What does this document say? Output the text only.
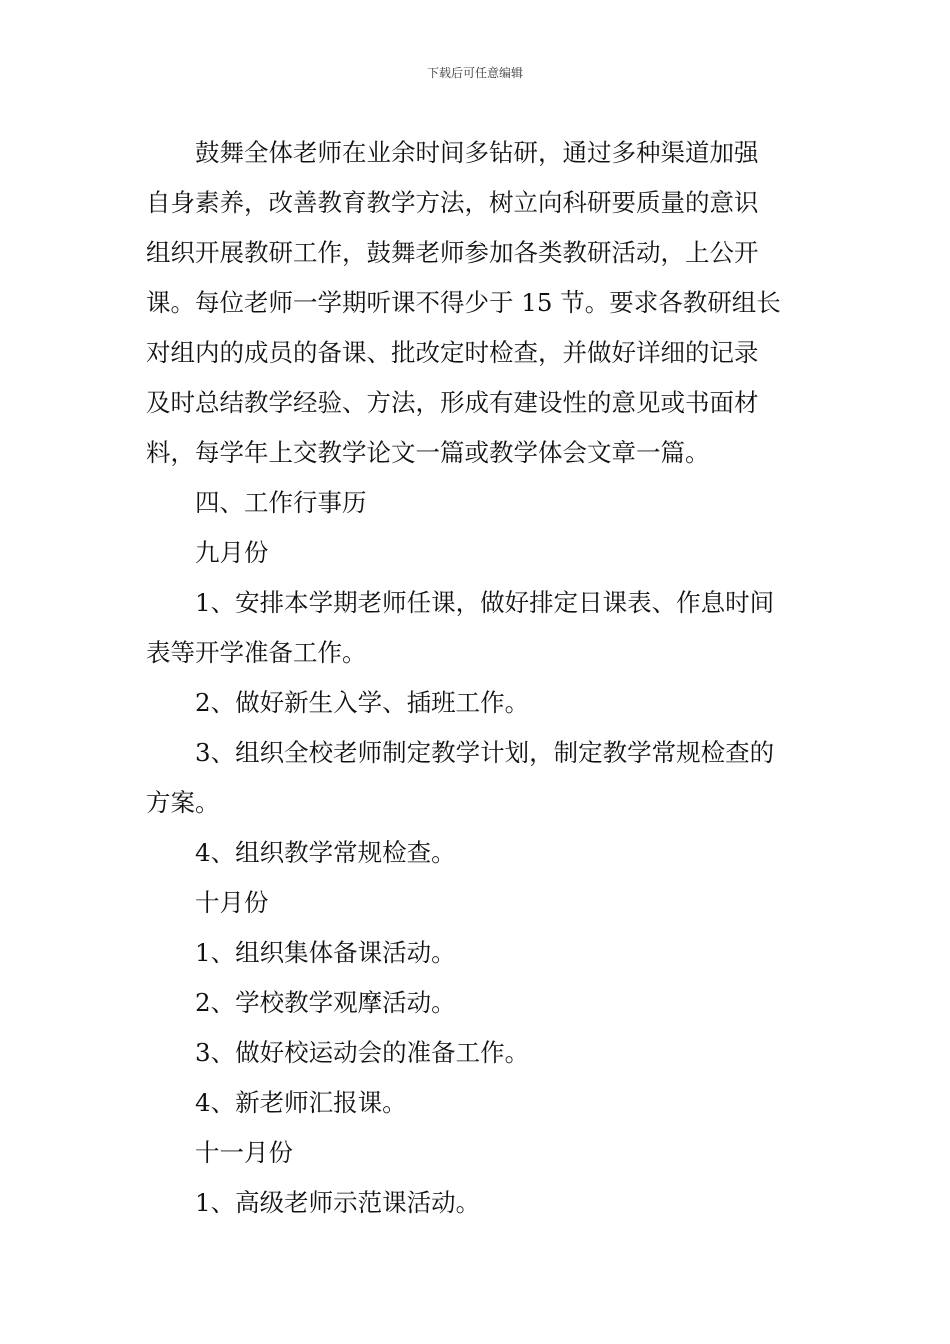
下载后可任意编辑
鼓舞全体老师在业余时间多钻研，通过多种渠道加强
自身素养，改善教育教学方法，树立向科研要质量的意识
组织开展教研工作，鼓舞老师参加各类教研活动，上公开
课。每位老师一学期听课不得少于 15 节。要求各教研组长
对组内的成员的备课、批改定时检查，并做好详细的记录
及时总结教学经验、方法，形成有建设性的意见或书面材
料，每学年上交教学论文一篇或教学体会文章一篇。
四、工作行事历
九月份
1、安排本学期老师任课，做好排定日课表、作息时间
表等开学准备工作。
2、做好新生入学、插班工作。
3、组织全校老师制定教学计划，制定教学常规检查的
方案。
4、组织教学常规检查。
十月份
1、组织集体备课活动。
2、学校教学观摩活动。
3、做好校运动会的准备工作。
4、新老师汇报课。
十一月份
1、高级老师示范课活动。
